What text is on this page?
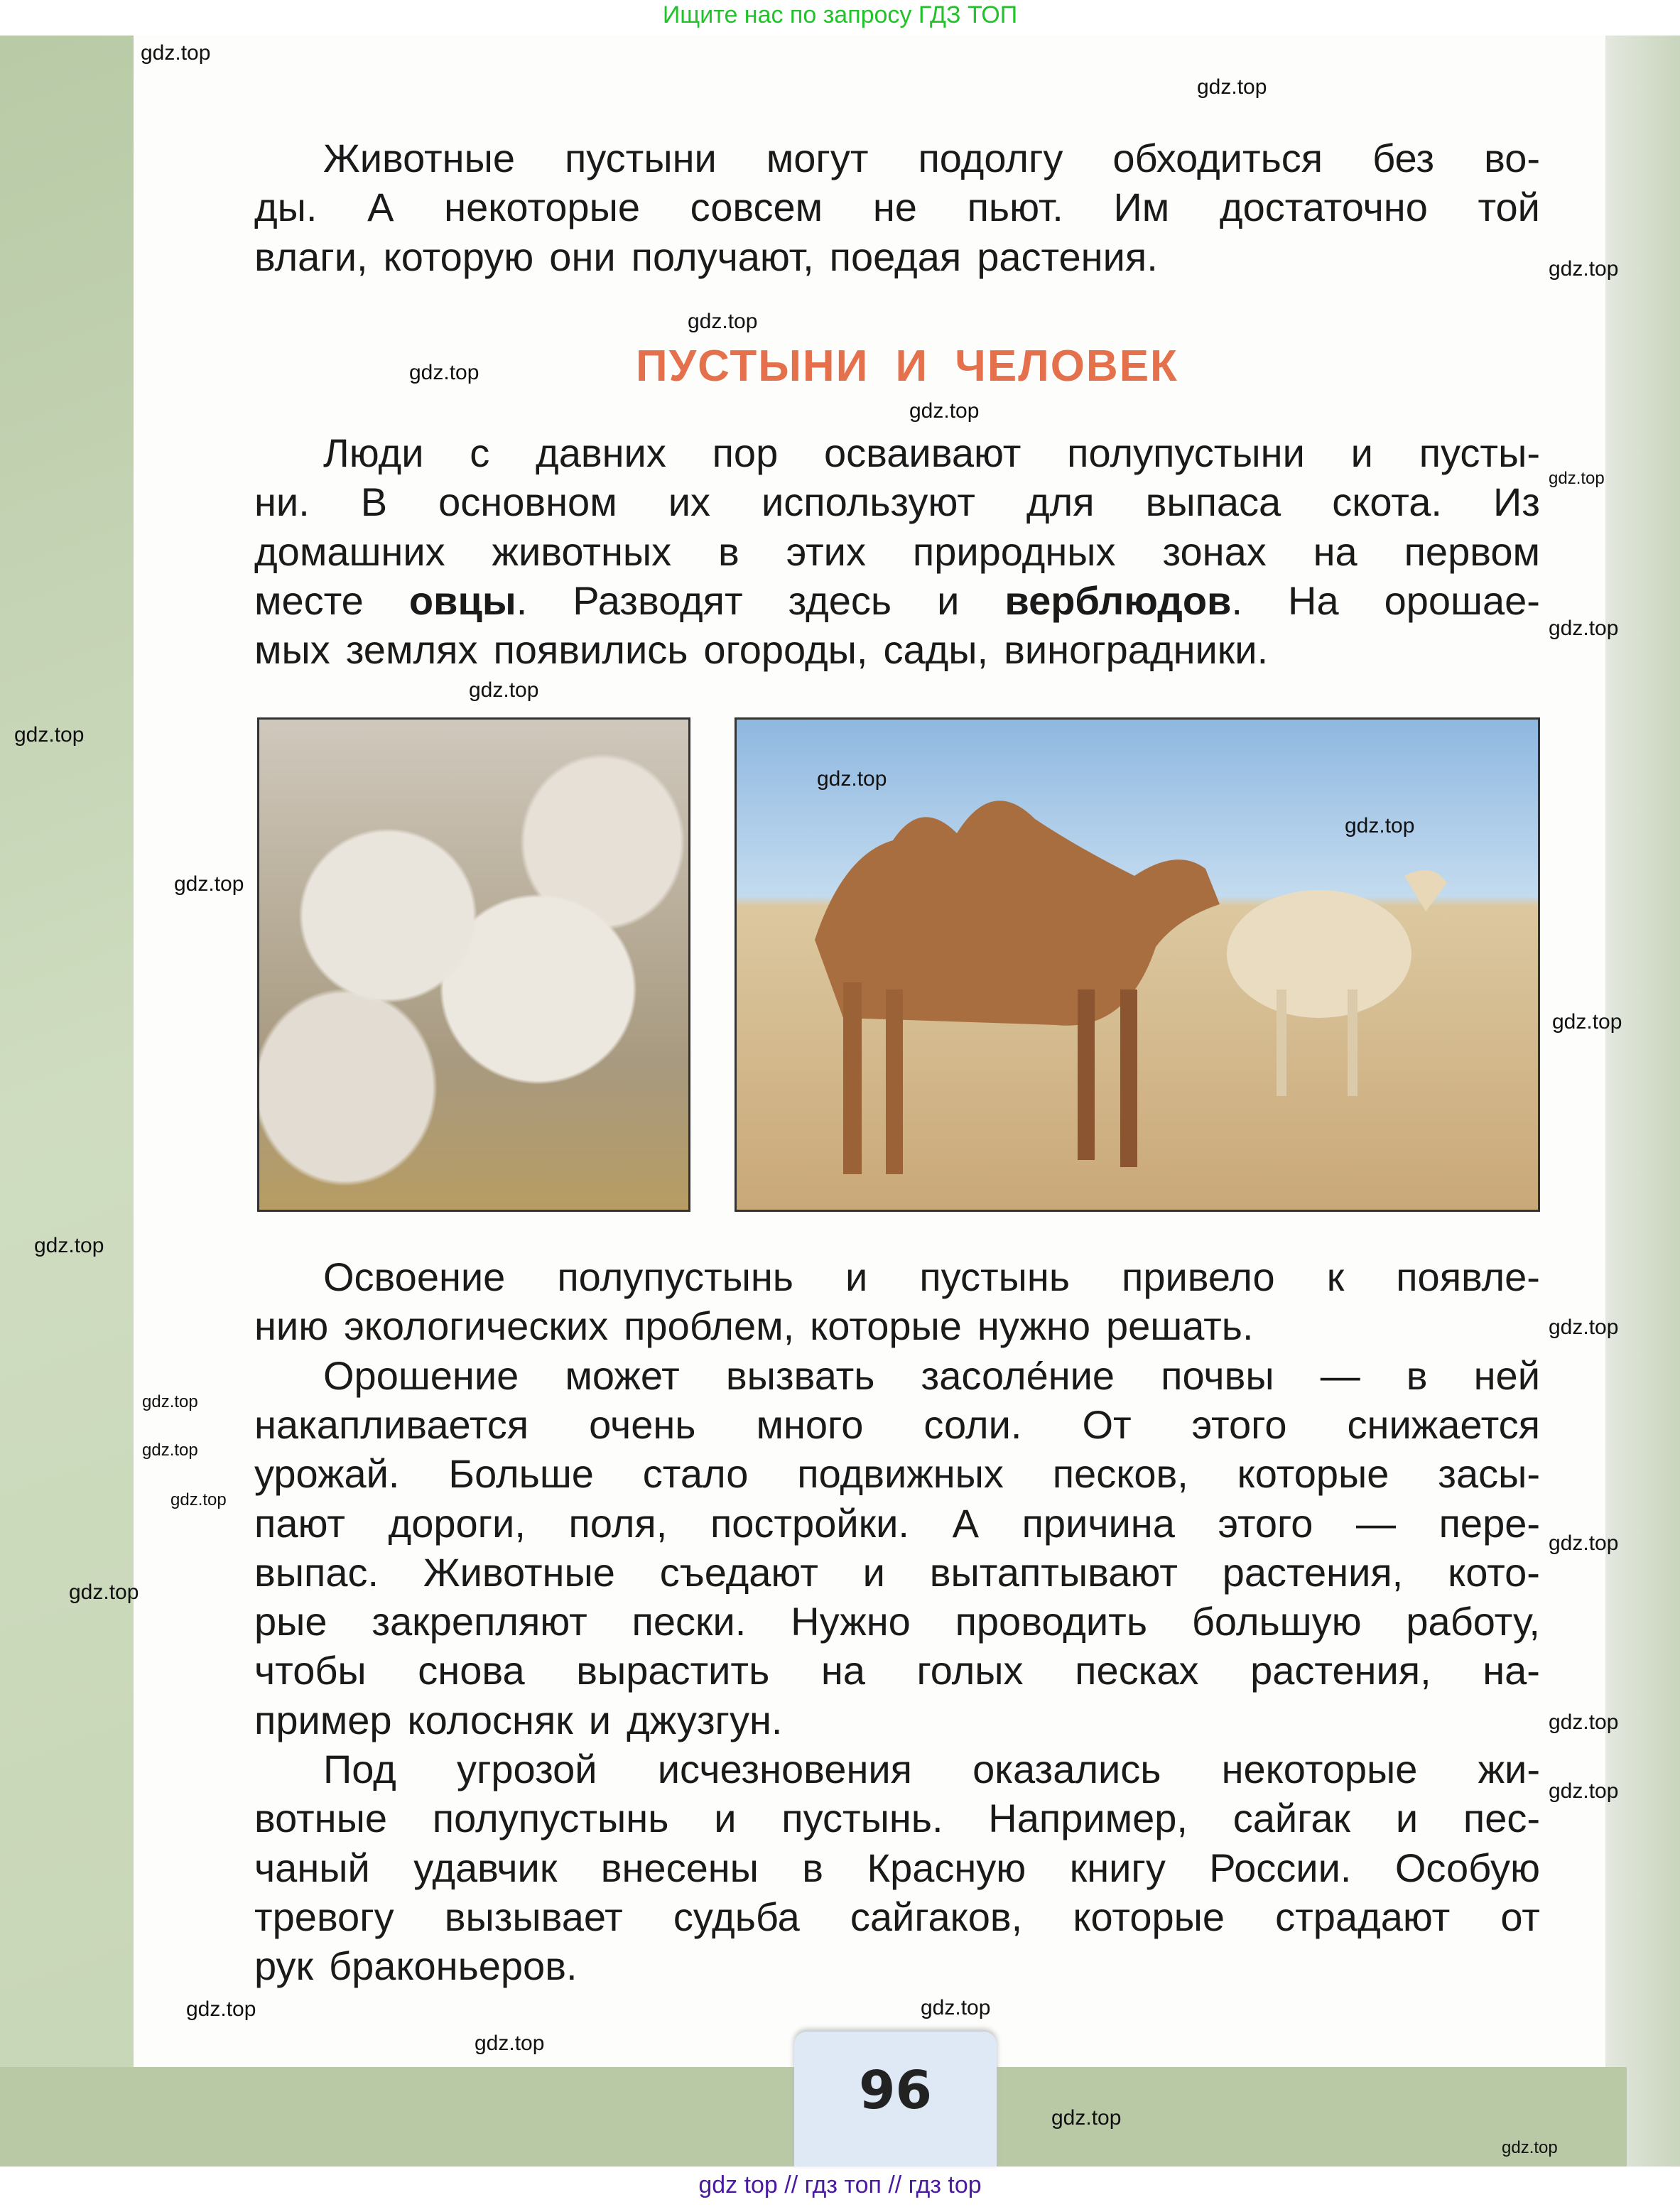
96
Ищите нас по запросу ГДЗ ТОП
gdz top // гдз топ // гдз top
Животные пустыни могут подолгу обходиться без во-
ды. А некоторые совсем не пьют. Им достаточно той
влаги, которую они получают, поедая растения.
ПУСТЫНИ И ЧЕЛОВЕК
Люди с давних пор осваивают полупустыни и пусты-
ни. В основном их используют для выпаса скота. Из
домашних животных в этих природных зонах на первом
месте овцы. Разводят здесь и верблюдов. На орошае-
мых землях появились огороды, сады, виноградники.
Освоение полупустынь и пустынь привело к появле-
нию экологических проблем, которые нужно решать.
Орошение может вызвать засоле́ние почвы — в ней
накапливается очень много соли. От этого снижается
урожай. Больше стало подвижных песков, которые засы-
пают дороги, поля, постройки. А причина этого — пере-
выпас. Животные съедают и вытаптывают растения, кото-
рые закрепляют пески. Нужно проводить большую работу,
чтобы снова вырастить на голых песках растения, на-
пример колосняк и джузгун.
Под угрозой исчезновения оказались некоторые жи-
вотные полупустынь и пустынь. Например, сайгак и пес-
чаный удавчик внесены в Красную книгу России. Особую
тревогу вызывает судьба сайгаков, которые страдают от
рук браконьеров.
gdz.top
gdz.top
gdz.top
gdz.top
gdz.top
gdz.top
gdz.top
gdz.top
gdz.top
gdz.top
gdz.top
gdz.top
gdz.top
gdz.top
gdz.top
gdz.top
gdz.top
gdz.top
gdz.top
gdz.top
gdz.top
gdz.top
gdz.top
gdz.top
gdz.top
gdz.top
gdz.top
gdz.top
